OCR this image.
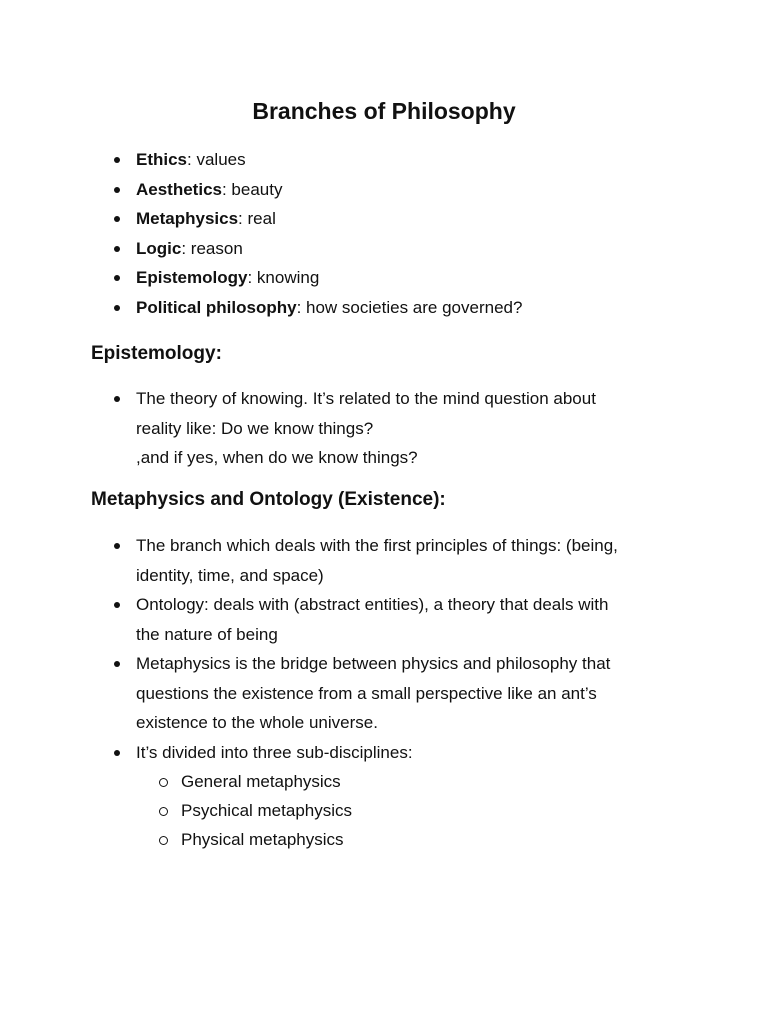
Branches of Philosophy
Ethics: values
Aesthetics: beauty
Metaphysics: real
Logic: reason
Epistemology: knowing
Political philosophy: how societies are governed?
Epistemology:
The theory of knowing. It’s related to the mind question about
reality like: Do we know things?
,and if yes, when do we know things?
Metaphysics and Ontology (Existence):
The branch which deals with the first principles of things: (being,
identity, time, and space)
Ontology: deals with (abstract entities), a theory that deals with
the nature of being
Metaphysics is the bridge between physics and philosophy that
questions the existence from a small perspective like an ant’s
existence to the whole universe.
It’s divided into three sub-disciplines:
General metaphysics
Psychical metaphysics
Physical metaphysics
